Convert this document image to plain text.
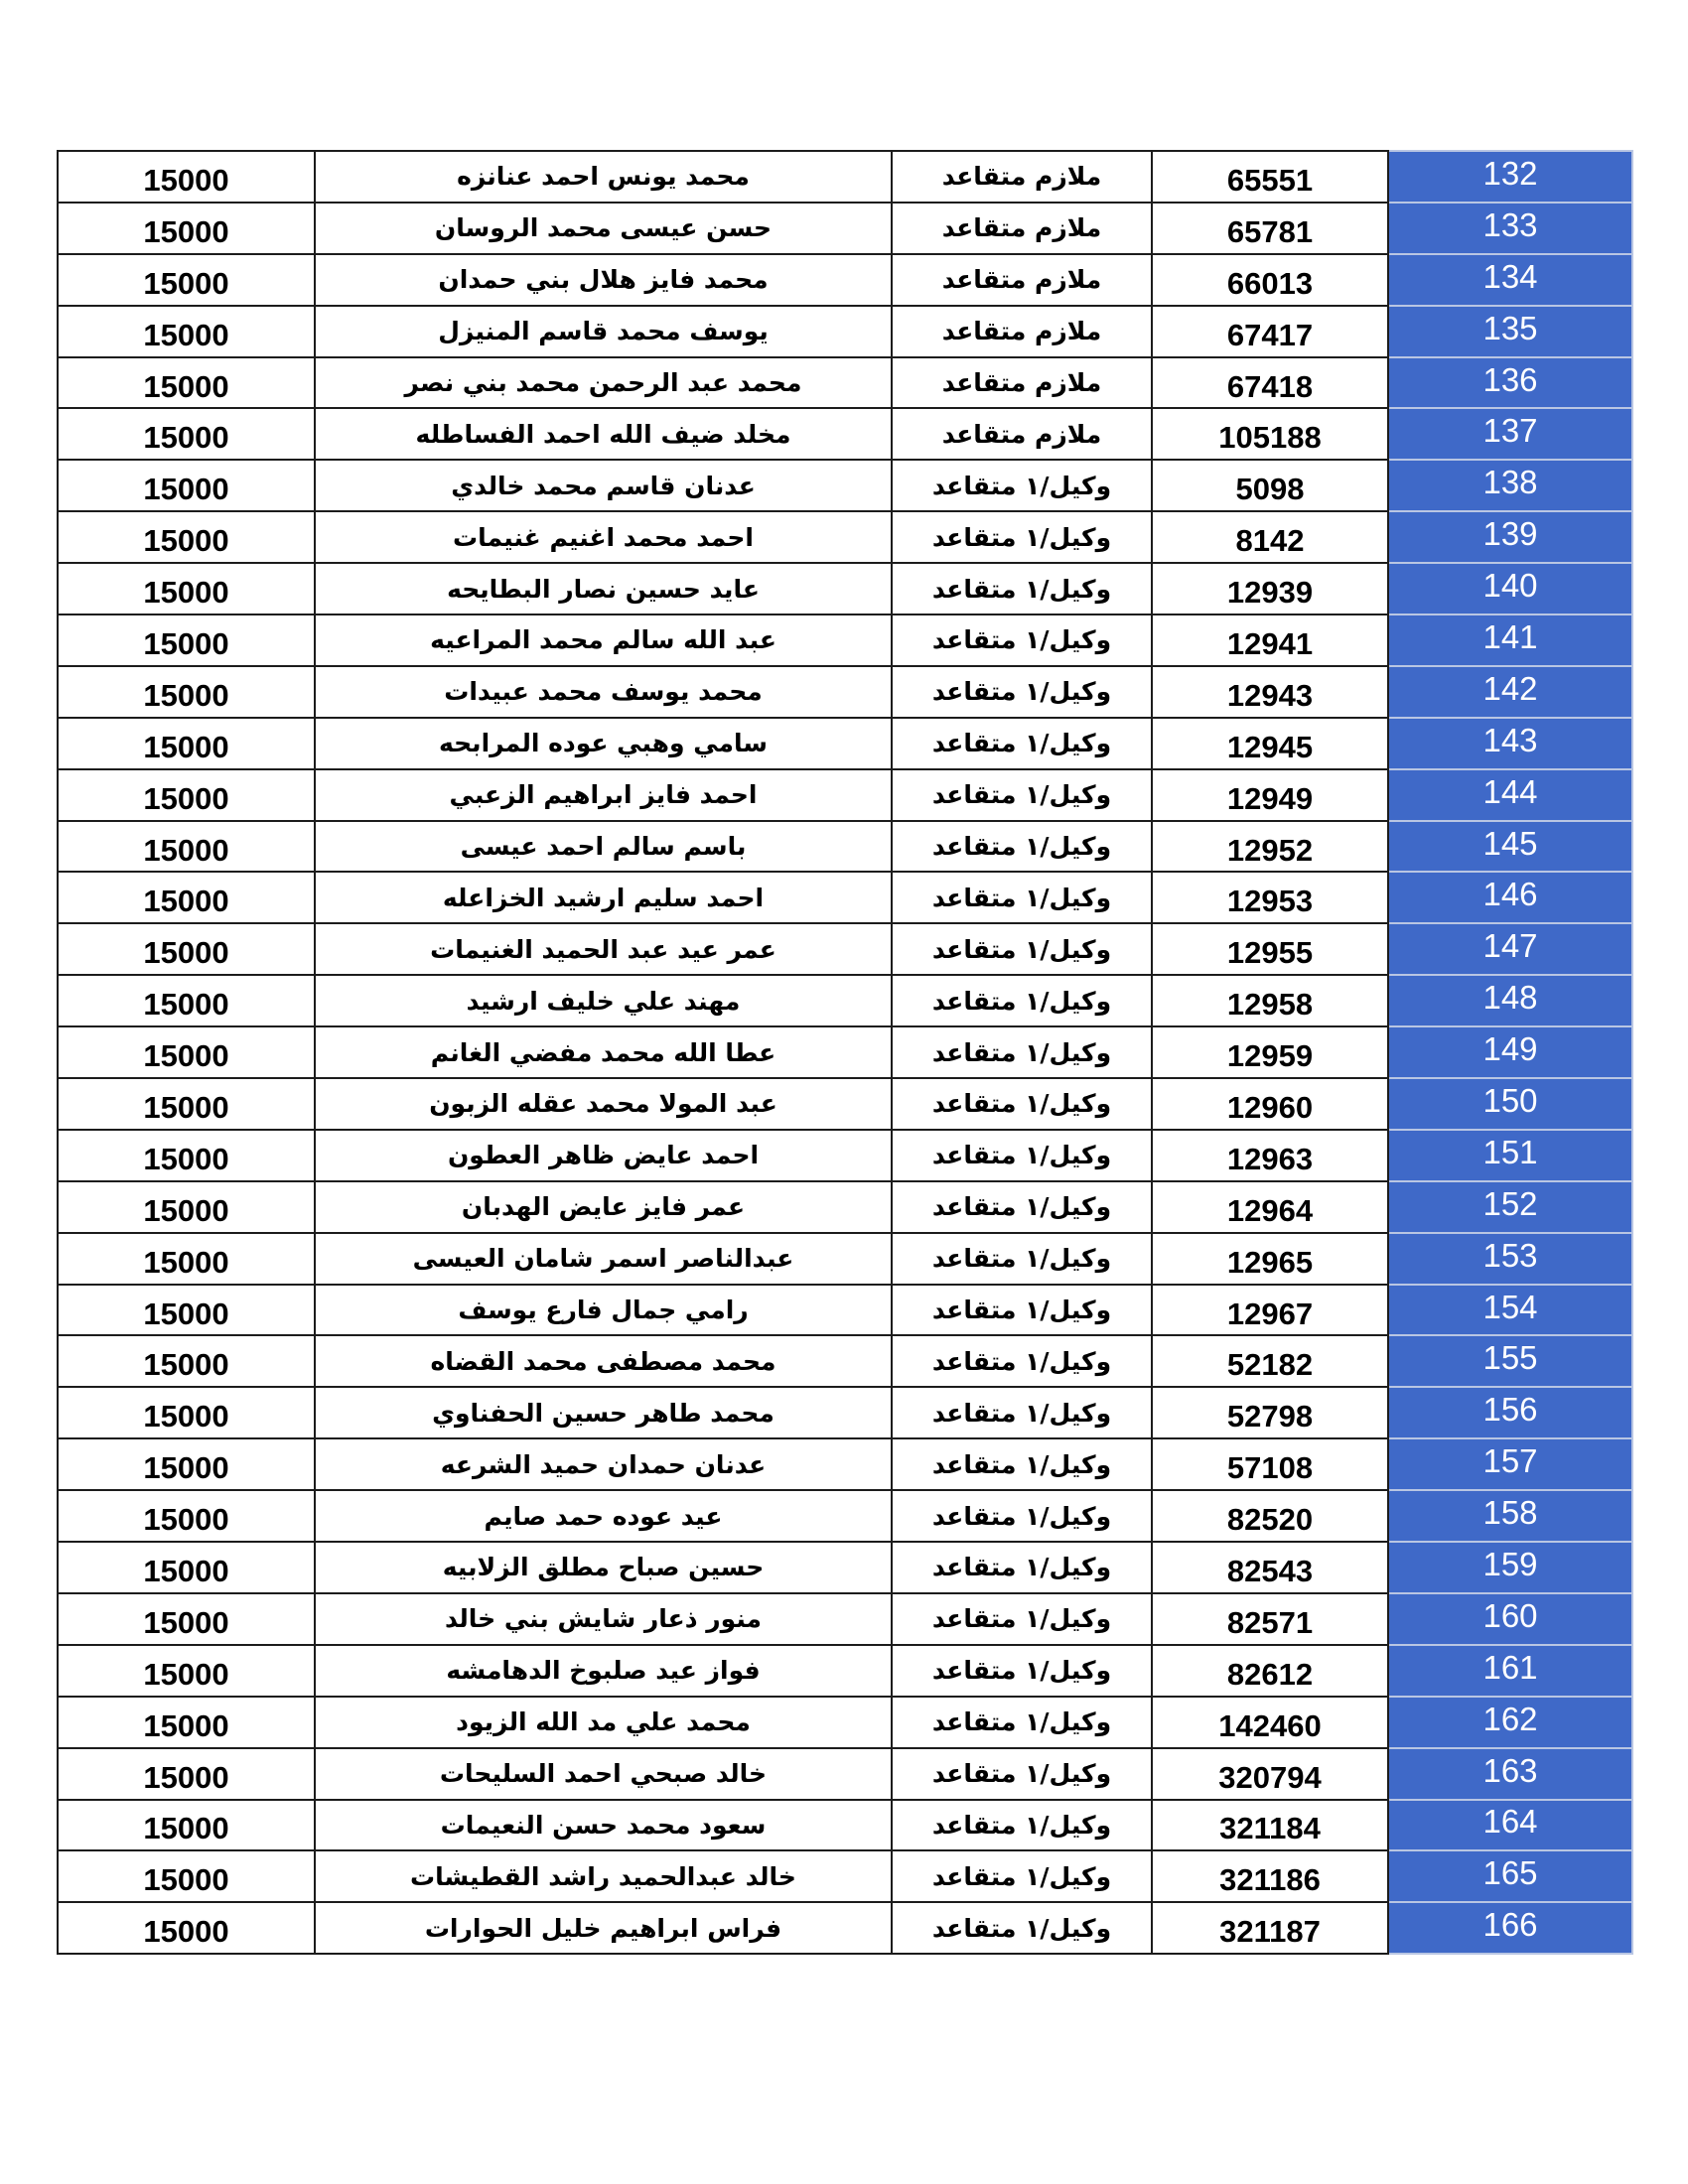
15000	محمد يونس احمد عنانزه	ملازم متقاعد	65551	132
15000	حسن عيسى محمد الروسان	ملازم متقاعد	65781	133
15000	محمد فايز هلال بني حمدان	ملازم متقاعد	66013	134
15000	يوسف محمد قاسم المنيزل	ملازم متقاعد	67417	135
15000	محمد عبد الرحمن محمد بني نصر	ملازم متقاعد	67418	136
15000	مخلد ضيف الله احمد الفساطله	ملازم متقاعد	105188	137
15000	عدنان قاسم محمد خالدي	وكيل/١ متقاعد	5098	138
15000	احمد محمد اغنيم غنيمات	وكيل/١ متقاعد	8142	139
15000	عايد حسين نصار البطايحه	وكيل/١ متقاعد	12939	140
15000	عبد الله سالم محمد المراعيه	وكيل/١ متقاعد	12941	141
15000	محمد يوسف محمد عبيدات	وكيل/١ متقاعد	12943	142
15000	سامي وهبي عوده المرابحه	وكيل/١ متقاعد	12945	143
15000	احمد فايز ابراهيم الزعبي	وكيل/١ متقاعد	12949	144
15000	باسم سالم احمد عيسى	وكيل/١ متقاعد	12952	145
15000	احمد سليم ارشيد الخزاعله	وكيل/١ متقاعد	12953	146
15000	عمر عيد عبد الحميد الغنيمات	وكيل/١ متقاعد	12955	147
15000	مهند علي خليف ارشيد	وكيل/١ متقاعد	12958	148
15000	عطا الله محمد مفضي الغانم	وكيل/١ متقاعد	12959	149
15000	عبد المولا محمد عقله الزبون	وكيل/١ متقاعد	12960	150
15000	احمد عايض ظاهر العطون	وكيل/١ متقاعد	12963	151
15000	عمر فايز عايض الهدبان	وكيل/١ متقاعد	12964	152
15000	عبدالناصر اسمر شامان العيسى	وكيل/١ متقاعد	12965	153
15000	رامي جمال فارع يوسف	وكيل/١ متقاعد	12967	154
15000	محمد مصطفى محمد القضاه	وكيل/١ متقاعد	52182	155
15000	محمد طاهر حسين الحفناوي	وكيل/١ متقاعد	52798	156
15000	عدنان حمدان حميد الشرعه	وكيل/١ متقاعد	57108	157
15000	عيد عوده حمد صايم	وكيل/١ متقاعد	82520	158
15000	حسين صباح مطلق الزلابيه	وكيل/١ متقاعد	82543	159
15000	منور ذعار شايش بني خالد	وكيل/١ متقاعد	82571	160
15000	فواز عيد صلبوخ الدهامشه	وكيل/١ متقاعد	82612	161
15000	محمد علي مد الله الزيود	وكيل/١ متقاعد	142460	162
15000	خالد صبحي احمد السليحات	وكيل/١ متقاعد	320794	163
15000	سعود محمد حسن النعيمات	وكيل/١ متقاعد	321184	164
15000	خالد عبدالحميد راشد القطيشات	وكيل/١ متقاعد	321186	165
15000	فراس ابراهيم خليل الحوارات	وكيل/١ متقاعد	321187	166
